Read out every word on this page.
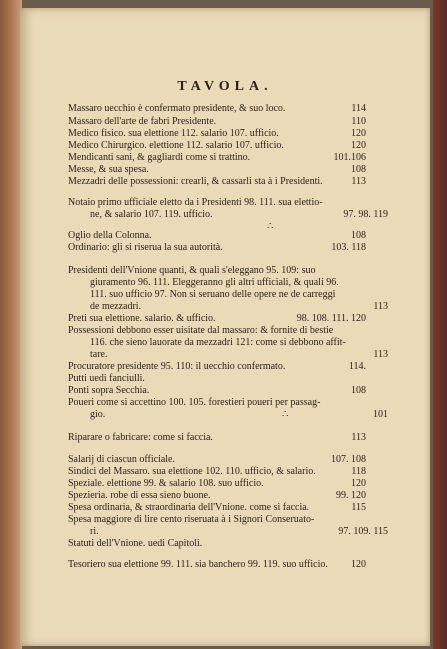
TAVOLA.
Massaro uecchio è confermato presidente, & suo loco.	114
Massaro dell'arte de fabri Presidente.	110
Medico fisico. sua elettione 112. salario 107. ufficio.	120
Medico Chirurgico. elettione 112. salario 107. ufficio.	120
Mendicanti sani, & gagliardi come si trattino.	101.106
Messe, & sua spesa.	108
Mezzadri delle possessioni: crearli, & cassarli sta à i Presidenti.	113
Notaio primo ufficiale eletto da i Presidenti 98. 111. sua elettio-
ne, & salario 107. 119. ufficio.	97. 98. 119
Oglio della Colonna.	108
Ordinario: gli si riserua la sua autorità.	103. 118
Presidenti dell'Vnione quanti, & quali s'eleggano 95. 109: suo
giuramento 96. 111. Eleggeranno gli altri ufficiali, & quali 96.
111. suo ufficio 97. Non si seruano delle opere ne de carreggi
de mezzadri.	113
Preti sua elettione. salario. & ufficio.	98. 108. 111. 120
Possessioni debbono esser uisitate dal massaro: & fornite di bestie
116. che sieno lauorate da mezzadri 121: come si debbono affit-
tare.	113
Procuratore presidente 95. 110: il uecchio confermato.	114.
Putti uedi fanciulli.
Ponti sopra Secchia.	108
Poueri come si accettino 100. 105. forestieri poueri per passag-
gio.	101
Riparare o fabricare: come si faccia.	113
Salarij di ciascun officiale.	107. 108
Sindici del Massaro. sua elettione 102. 110. ufficio, & salario.	118
Speziale. elettione 99. & salario 108. suo ufficio.	120
Spezieria. robe di essa sieno buone.	99. 120
Spesa ordinaria, & straordinaria dell'Vnione. come si faccia.	115
Spesa maggiore di lire cento riseruata à i Signori Conseruato-
ri.	97. 109. 115
Statuti dell'Vnione. uedi Capitoli.
Tesoriero sua elettione 99. 111. sia banchero 99. 119. suo ufficio. 120
∴
∴
